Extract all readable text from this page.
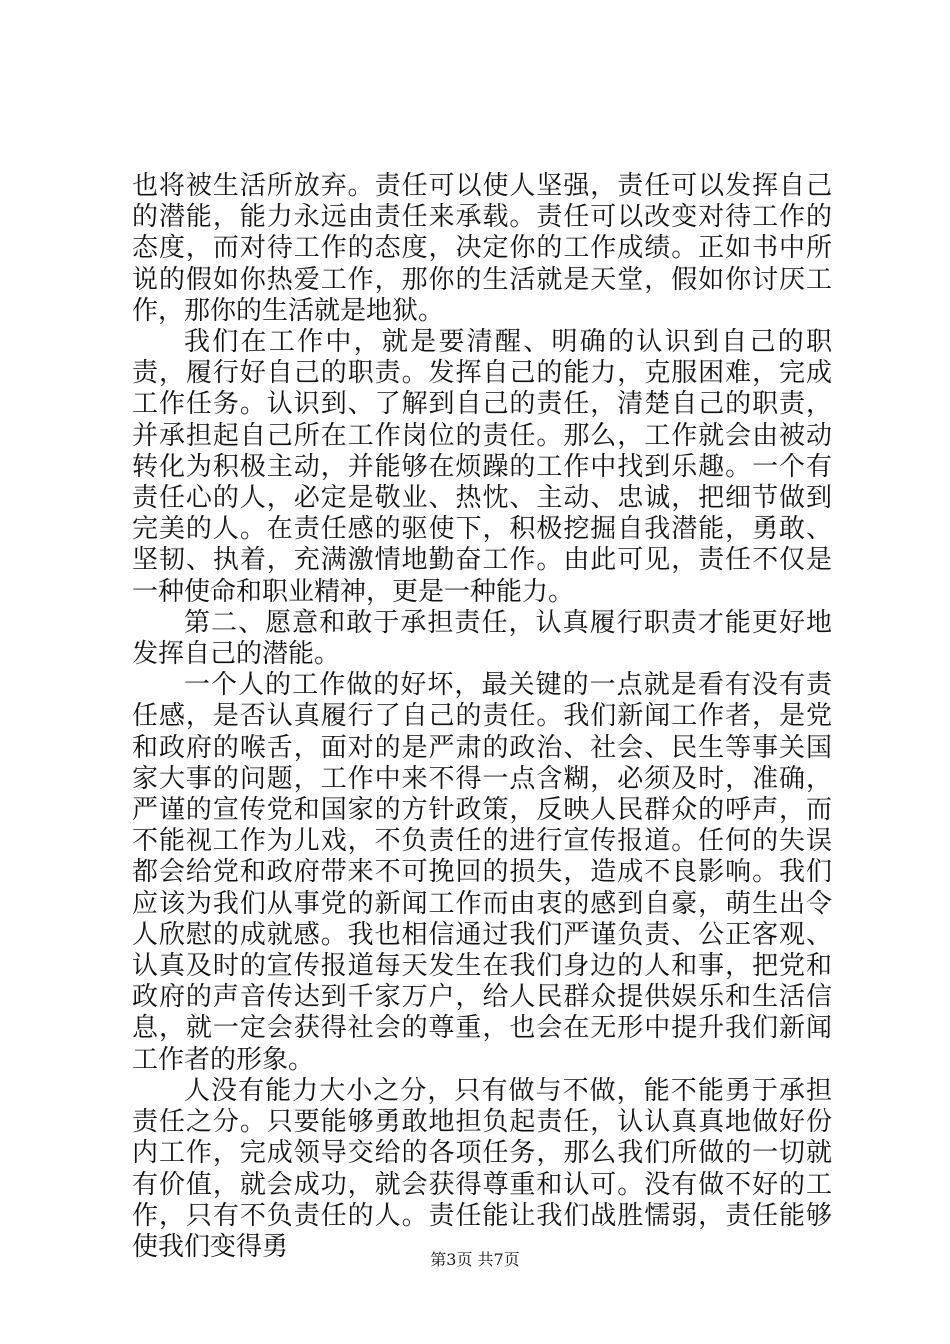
也将被生活所放弃。责任可以使人坚强，责任可以发挥自己的潜能，能力永远由责任来承载。责任可以改变对待工作的态度，而对待工作的态度，决定你的工作成绩。正如书中所说的假如你热爱工作，那你的生活就是天堂，假如你讨厌工作，那你的生活就是地狱。

我们在工作中，就是要清醒、明确的认识到自己的职责，履行好自己的职责。发挥自己的能力，克服困难，完成工作任务。认识到、了解到自己的责任，清楚自己的职责，并承担起自己所在工作岗位的责任。那么，工作就会由被动转化为积极主动，并能够在烦躁的工作中找到乐趣。一个有责任心的人，必定是敬业、热忱、主动、忠诚，把细节做到完美的人。在责任感的驱使下，积极挖掘自我潜能，勇敢、坚韧、执着，充满激情地勤奋工作。由此可见，责任不仅是一种使命和职业精神，更是一种能力。

第二、愿意和敢于承担责任，认真履行职责才能更好地发挥自己的潜能。

一个人的工作做的好坏，最关键的一点就是看有没有责任感，是否认真履行了自己的责任。我们新闻工作者，是党和政府的喉舌，面对的是严肃的政治、社会、民生等事关国家大事的问题，工作中来不得一点含糊，必须及时，准确，严谨的宣传党和国家的方针政策，反映人民群众的呼声，而不能视工作为儿戏，不负责任的进行宣传报道。任何的失误都会给党和政府带来不可挽回的损失，造成不良影响。我们应该为我们从事党的新闻工作而由衷的感到自豪，萌生出令人欣慰的成就感。我也相信通过我们严谨负责、公正客观、认真及时的宣传报道每天发生在我们身边的人和事，把党和政府的声音传达到千家万户，给人民群众提供娱乐和生活信息，就一定会获得社会的尊重，也会在无形中提升我们新闻工作者的形象。

人没有能力大小之分，只有做与不做，能不能勇于承担责任之分。只要能够勇敢地担负起责任，认认真真地做好份内工作，完成领导交给的各项任务，那么我们所做的一切就有价值，就会成功，就会获得尊重和认可。没有做不好的工作，只有不负责任的人。责任能让我们战胜懦弱，责任能够使我们变得勇	第3页 共7页
